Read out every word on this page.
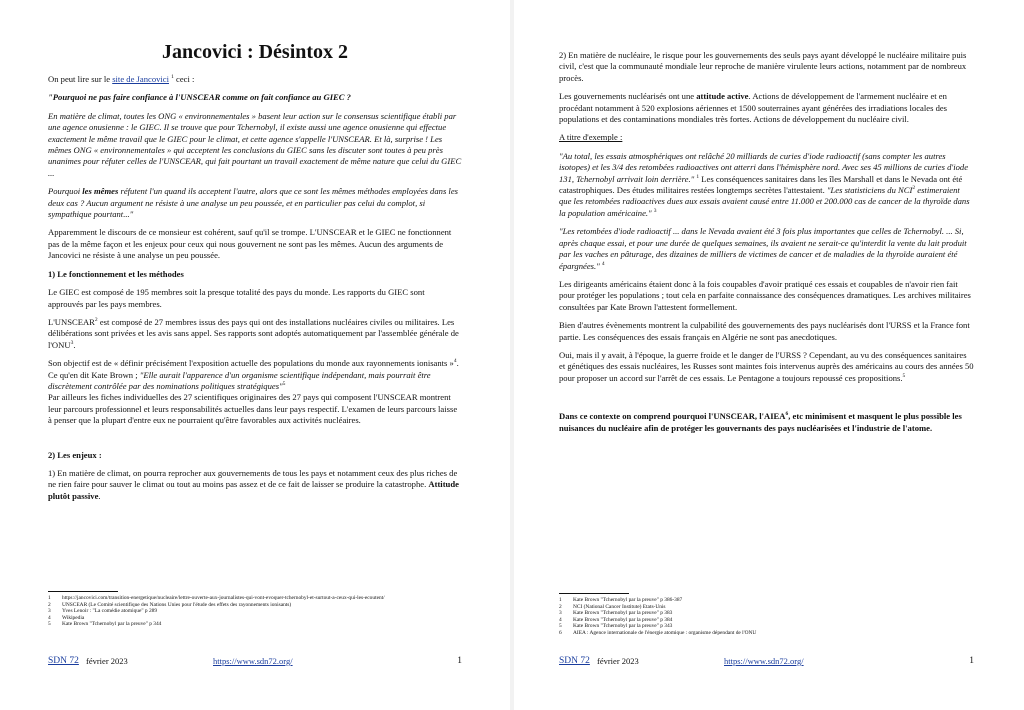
Jancovici : Désintox 2

On peut lire sur le site de Jancovici $^1$ ceci :

"Pourquoi ne pas faire confiance à l'UNSCEAR comme on fait confiance au GIEC ?

En matière de climat, toutes les ONG « environnementales » basent leur action sur le consensus scientifique établi par une agence onusienne : le GIEC. Il se trouve que pour Tchernobyl, il existe aussi une agence onusienne qui effectue exactement le même travail que le GIEC pour le climat, et cette agence s'appelle l'UNSCEAR. Et là, surprise ! Les mêmes ONG « environnementales » qui acceptent les conclusions du GIEC sans les discuter sont toutes à peu près unanimes pour réfuter celles de l'UNSCEAR, qui fait pourtant un travail exactement de même nature que celui du GIEC ...

Pourquoi les mêmes réfutent l'un quand ils acceptent l'autre, alors que ce sont les mêmes méthodes employées dans les deux cas ? Aucun argument ne résiste à une analyse un peu poussée, et en particulier pas celui du complot, si sympathique pourtant..."

Apparemment le discours de ce monsieur est cohérent, sauf qu'il se trompe. L'UNSCEAR et le GIEC ne fonctionnent pas de la même façon et les enjeux pour ceux qui nous gouvernent ne sont pas les mêmes. Aucun des arguments de Jancovici ne résiste à une analyse un peu poussée.

1) Le fonctionnement et les méthodes

Le GIEC est composé de 195 membres soit la presque totalité des pays du monde. Les rapports du GIEC sont approuvés par les pays membres.

L'UNSCEAR$^2$ est composé de 27 membres issus des pays qui ont des installations nucléaires civiles ou militaires. Les délibérations sont privées et les avis sans appel. Ses rapports sont adoptés automatiquement par l'assemblée générale de l'ONU$^3$.

Son objectif est de « définir précisément l'exposition actuelle des populations du monde aux rayonnements ionisants »$^4$. Ce qu'en dit Kate Brown ; "Elle aurait l'apparence d'un organisme scientifique indépendant, mais pourrait être discrètement contrôlée par des nominations politiques stratégiques"$^5$

Par ailleurs les fiches individuelles des 27 scientifiques originaires des 27 pays qui composent l'UNSCEAR montrent leur parcours professionnel et leurs responsabilités actuelles dans leur pays respectif. L'examen de leurs parcours laisse à penser que la plupart d'entre eux ne pourraient qu'être favorables aux activités nucléaires.

2) Les enjeux :

1) En matière de climat, on pourra reprocher aux gouvernements de tous les pays et notamment ceux des plus riches de ne rien faire pour sauver le climat ou tout au moins pas assez et de ce fait de laisser se produire la catastrophe. Attitude plutôt passive.

1	https://jancovici.com/transition-energetique/nucleaire/lettre-ouverte-aux-journalistes-qui-vont-evoquer-tchernobyl-et-surtout-a-ceux-qui-les-ecoutent/
2	UNSCEAR (Le Comité scientifique des Nations Unies pour l'étude des effets des rayonnements ionisants)
3	Yves Lenoir : "La comédie atomique" p 289
4	Wikipedia
5	Kate Brown "Tchernobyl par la preuve" p 344
SDN 72 février 2023	https://www.sdn72.org/	1

2) En matière de nucléaire, le risque pour les gouvernements des seuls pays ayant développé le nucléaire militaire puis civil, c'est que la communauté mondiale leur reproche de manière virulente leurs actions, notamment par de nombreux procès.

Les gouvernements nucléarisés ont une attitude active. Actions de développement de l'armement nucléaire et en procédant notamment à 520 explosions aériennes et 1500 souterraines ayant générées des irradiations locales des populations et des contaminations mondiales très fortes. Actions de développement du nucléaire civil.

A titre d'exemple :

"Au total, les essais atmosphériques ont relâché 20 milliards de curies d'iode radioactif (sans compter les autres isotopes) et les 3/4 des retombées radioactives ont atterri dans l'hémisphère nord. Avec ses 45 millions de curies d'iode 131, Tchernobyl arrivait loin derrière." $^1$ Les conséquences sanitaires dans les îles Marshall et dans le Nevada ont été catastrophiques. Des études militaires restées longtemps secrètes l'attestaient. "Les statisticiens du NCI$^2$ estimeraient que les retombées radioactives dues aux essais avaient causé entre 11.000 et 200.000 cas de cancer de la thyroïde dans la population américaine." $^3$

"Les retombées d'iode radioactif ... dans le Nevada avaient été 3 fois plus importantes que celles de Tchernobyl. ... Si, après chaque essai, et pour une durée de quelques semaines, ils avaient ne serait-ce qu'interdit la vente du lait produit par les vaches en pâturage, des dizaines de milliers de victimes de cancer et de maladies de la thyroïde auraient été épargnées." $^4$

Les dirigeants américains étaient donc à la fois coupables d'avoir pratiqué ces essais et coupables de n'avoir rien fait pour protéger les populations ; tout cela en parfaite connaissance des conséquences dramatiques. Les archives militaires consultées par Kate Brown l'attestent formellement.

Bien d'autres évènements montrent la culpabilité des gouvernements des pays nucléarisés dont l'URSS et la France font partie. Les conséquences des essais français en Algérie ne sont pas anecdotiques.

Oui, mais il y avait, à l'époque, la guerre froide et le danger de l'URSS ? Cependant, au vu des conséquences sanitaires et génétiques des essais nucléaires, les Russes sont maintes fois intervenus auprès des américains au cours des années 50 pour proposer un accord sur l'arrêt de ces essais. Le Pentagone a toujours repoussé ces propositions.$^5$

Dans ce contexte on comprend pourquoi l'UNSCEAR, l'AIEA$^6$, etc minimisent et masquent le plus possible les nuisances du nucléaire afin de protéger les gouvernants des pays nucléarisées et l'industrie de l'atome.

1	Kate Brown "Tchernobyl par la preuve" p 386-387
2	NCI (National Cancer Institute) Etats-Unis
3	Kate Brown "Tchernobyl par la preuve" p 383
4	Kate Brown "Tchernobyl par la preuve" p 384
5	Kate Brown "Tchernobyl par la preuve" p 343
6	AIEA : Agence internationale de l'énergie atomique : organisme dépendant de l'ONU
SDN 72 février 2023	https://www.sdn72.org/	1
